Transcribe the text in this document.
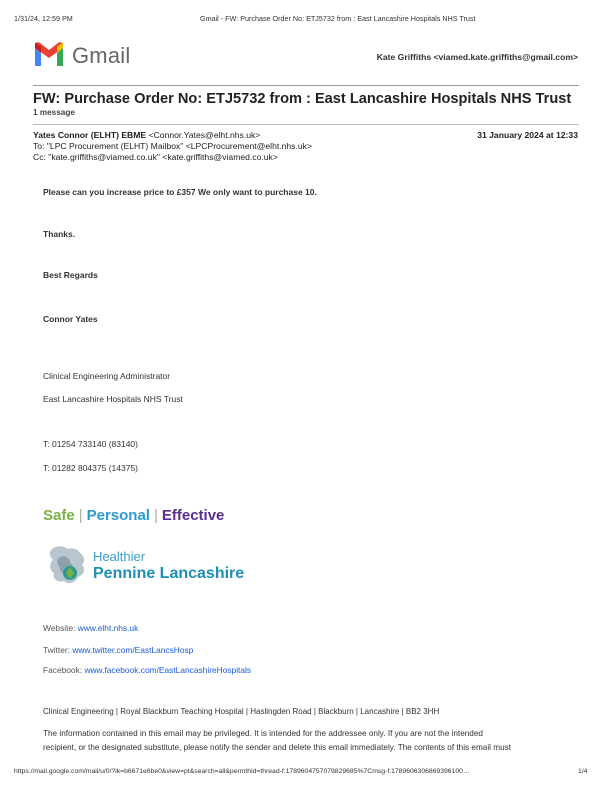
1/31/24, 12:59 PM	Gmail - FW: Purchase Order No: ETJ5732 from : East Lancashire Hospitals NHS Trust
Gmail	Kate Griffiths <viamed.kate.griffiths@gmail.com>
FW: Purchase Order No: ETJ5732 from : East Lancashire Hospitals NHS Trust
1 message
Yates Connor (ELHT) EBME <Connor.Yates@elht.nhs.uk>	31 January 2024 at 12:33
To: "LPC Procurement (ELHT) Mailbox" <LPCProcurement@elht.nhs.uk>
Cc: "kate.griffiths@viamed.co.uk" <kate.griffiths@viamed.co.uk>
Please can you increase price to £357 We only want to purchase 10.
Thanks.
Best Regards
Connor Yates
Clinical Engineering Administrator
East Lancashire Hospitals NHS Trust
T: 01254 733140 (83140)
T: 01282 804375 (14375)
Safe | Personal | Effective
Healthier
Pennine Lancashire
Website: www.elht.nhs.uk
Twitter: www.twitter.com/EastLancsHosp
Facebook: www.facebook.com/EastLancashireHospitals
Clinical Engineering | Royal Blackburn Teaching Hospital | Haslingden Road | Blackburn | Lancashire | BB2 3HH
The information contained in this email may be privileged. It is intended for the addressee only. If you are not the intended
recipient, or the designated substitute, please notify the sender and delete this email immediately. The contents of this email must
https://mail.google.com/mail/u/0/?ik=b6671e6be0&view=pt&search=all&permthid=thread-f:1789604757079829685%7Cmsg-f:1789606306869396100…	1/4
